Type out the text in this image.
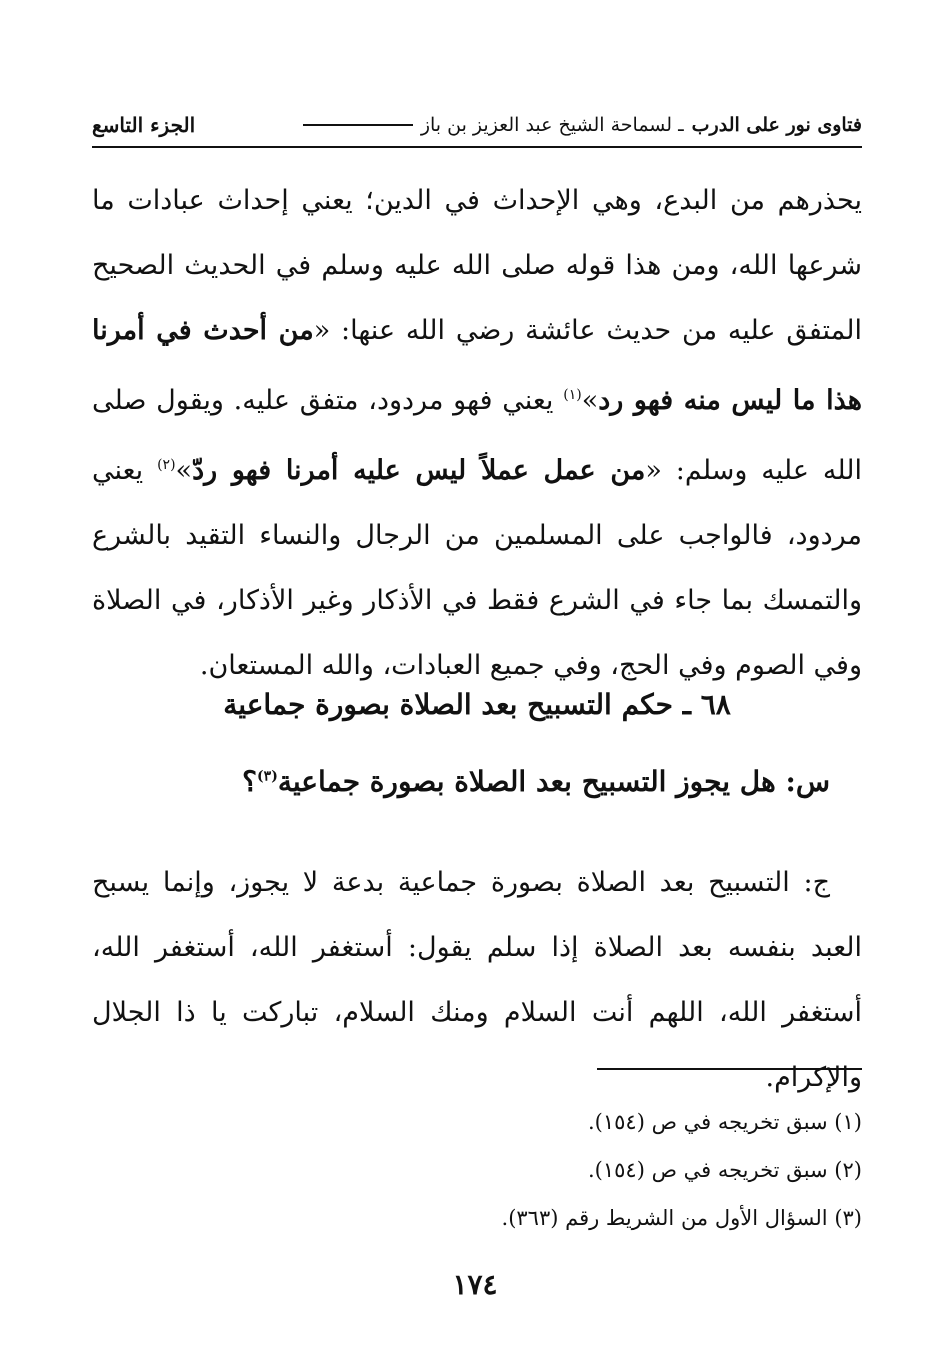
فتاوى نور على الدرب
ـ لسماحة الشيخ عبد العزيز بن باز
الجزء التاسع

يحذرهم من البدع، وهي الإحداث في الدين؛ يعني إحداث عبادات ما شرعها الله، ومن هذا قوله صلى الله عليه وسلم في الحديث الصحيح المتفق عليه من حديث عائشة رضي الله عنها: «من أحدث في أمرنا هذا ما ليس منه فهو رد»$^{(١)}$ يعني فهو مردود، متفق عليه. ويقول صلى الله عليه وسلم: «من عمل عملاً ليس عليه أمرنا فهو ردّ»$^{(٢)}$ يعني مردود، فالواجب على المسلمين من الرجال والنساء التقيد بالشرع والتمسك بما جاء في الشرع فقط في الأذكار وغير الأذكار، في الصلاة وفي الصوم وفي الحج، وفي جميع العبادات، والله المستعان.

٦٨ ـ حكم التسبيح بعد الصلاة بصورة جماعية
س: هل يجوز التسبيح بعد الصلاة بصورة جماعية$^{(٣)}$؟
ج: التسبيح بعد الصلاة بصورة جماعية بدعة لا يجوز، وإنما يسبح العبد بنفسه بعد الصلاة إذا سلم يقول: أستغفر الله، أستغفر الله، أستغفر الله، اللهم أنت السلام ومنك السلام، تباركت يا ذا الجلال والإكرام.
(١) سبق تخريجه في ص (١٥٤).
(٢) سبق تخريجه في ص (١٥٤).
(٣) السؤال الأول من الشريط رقم (٣٦٣).
١٧٤
